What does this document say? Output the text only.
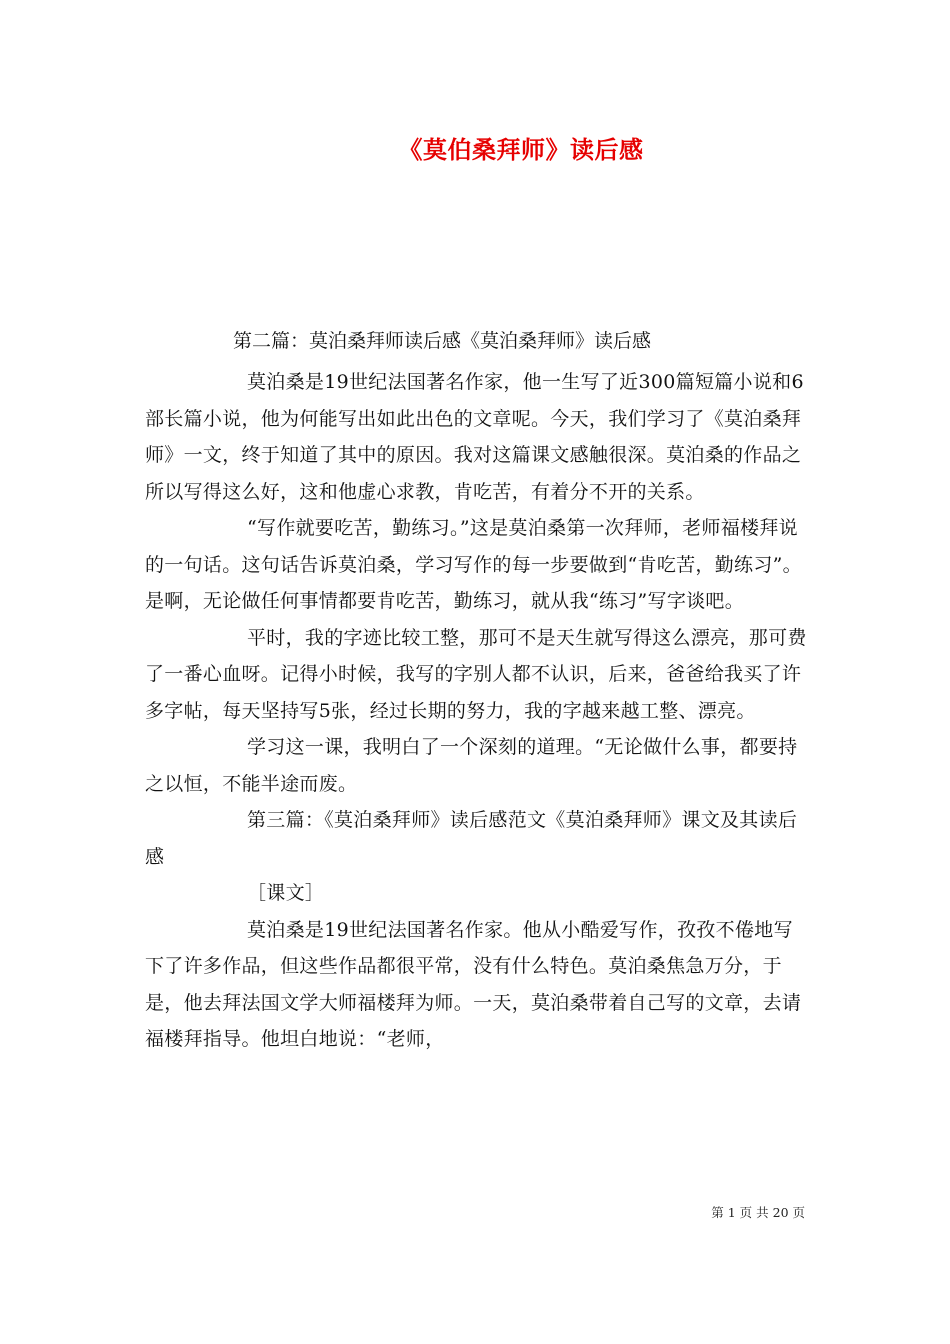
《莫伯桑拜师》读后感
第二篇：莫泊桑拜师读后感《莫泊桑拜师》读后感

莫泊桑是19世纪法国著名作家，他一生写了近300篇短篇小说和6部长篇小说，他为何能写出如此出色的文章呢。今天，我们学习了《莫泊桑拜师》一文，终于知道了其中的原因。我对这篇课文感触很深。莫泊桑的作品之所以写得这么好，这和他虚心求教，肯吃苦，有着分不开的关系。

“写作就要吃苦，勤练习。”这是莫泊桑第一次拜师，老师福楼拜说的一句话。这句话告诉莫泊桑，学习写作的每一步要做到“肯吃苦，勤练习”。是啊，无论做任何事情都要肯吃苦，勤练习，就从我“练习”写字谈吧。

平时，我的字迹比较工整，那可不是天生就写得这么漂亮，那可费了一番心血呀。记得小时候，我写的字别人都不认识，后来，爸爸给我买了许多字帖，每天坚持写5张，经过长期的努力，我的字越来越工整、漂亮。

学习这一课，我明白了一个深刻的道理。“无论做什么事，都要持之以恒，不能半途而废。

第三篇：《莫泊桑拜师》读后感范文《莫泊桑拜师》课文及其读后感

［课文］

莫泊桑是19世纪法国著名作家。他从小酷爱写作，孜孜不倦地写下了许多作品，但这些作品都很平常，没有什么特色。莫泊桑焦急万分，于是，他去拜法国文学大师福楼拜为师。一天，莫泊桑带着自己写的文章，去请福楼拜指导。他坦白地说：“老师，

第 1 页 共 20 页
